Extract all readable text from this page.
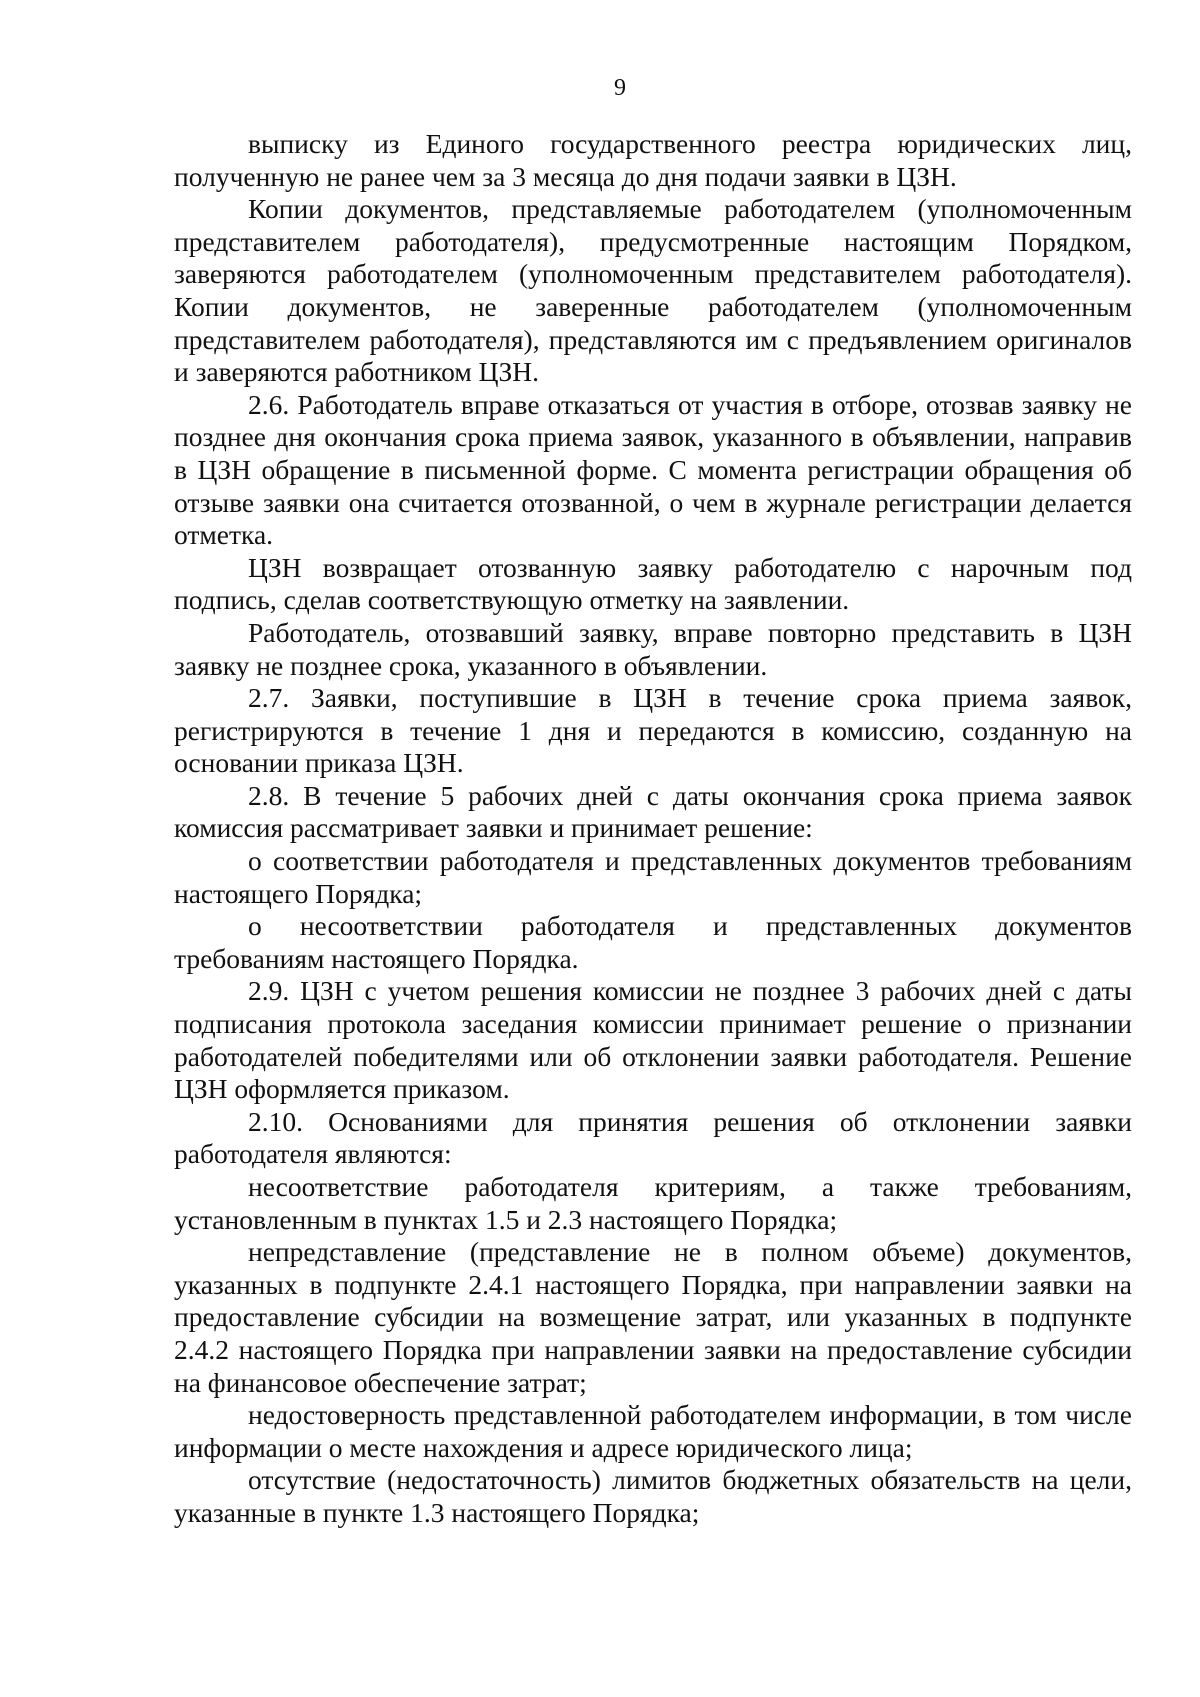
9

выписку из Единого государственного реестра юридических лиц, полученную не ранее чем за 3 месяца до дня подачи заявки в ЦЗН.

Копии документов, представляемые работодателем (уполномоченным представителем работодателя), предусмотренные настоящим Порядком, заверяются работодателем (уполномоченным представителем работодателя). Копии документов, не заверенные работодателем (уполномоченным представителем работодателя), представляются им с предъявлением оригиналов и заверяются работником ЦЗН.

2.6. Работодатель вправе отказаться от участия в отборе, отозвав заявку не позднее дня окончания срока приема заявок, указанного в объявлении, направив в ЦЗН обращение в письменной форме. С момента регистрации обращения об отзыве заявки она считается отозванной, о чем в журнале регистрации делается отметка.

ЦЗН возвращает отозванную заявку работодателю с нарочным под подпись, сделав соответствующую отметку на заявлении.

Работодатель, отозвавший заявку, вправе повторно представить в ЦЗН заявку не позднее срока, указанного в объявлении.

2.7. Заявки, поступившие в ЦЗН в течение срока приема заявок, регистрируются в течение 1 дня и передаются в комиссию, созданную на основании приказа ЦЗН.

2.8. В течение 5 рабочих дней с даты окончания срока приема заявок комиссия рассматривает заявки и принимает решение:

о соответствии работодателя и представленных документов требованиям настоящего Порядка;

о несоответствии работодателя и представленных документов требованиям настоящего Порядка.

2.9. ЦЗН с учетом решения комиссии не позднее 3 рабочих дней с даты подписания протокола заседания комиссии принимает решение о признании работодателей победителями или об отклонении заявки работодателя. Решение ЦЗН оформляется приказом.

2.10. Основаниями для принятия решения об отклонении заявки работодателя являются:

несоответствие работодателя критериям, а также требованиям, установленным в пунктах 1.5 и 2.3 настоящего Порядка;

непредставление (представление не в полном объеме) документов, указанных в подпункте 2.4.1 настоящего Порядка, при направлении заявки на предоставление субсидии на возмещение затрат, или указанных в подпункте 2.4.2 настоящего Порядка при направлении заявки на предоставление субсидии на финансовое обеспечение затрат;

недостоверность представленной работодателем информации, в том числе информации о месте нахождения и адресе юридического лица;

отсутствие (недостаточность) лимитов бюджетных обязательств на цели, указанные в пункте 1.3 настоящего Порядка;
